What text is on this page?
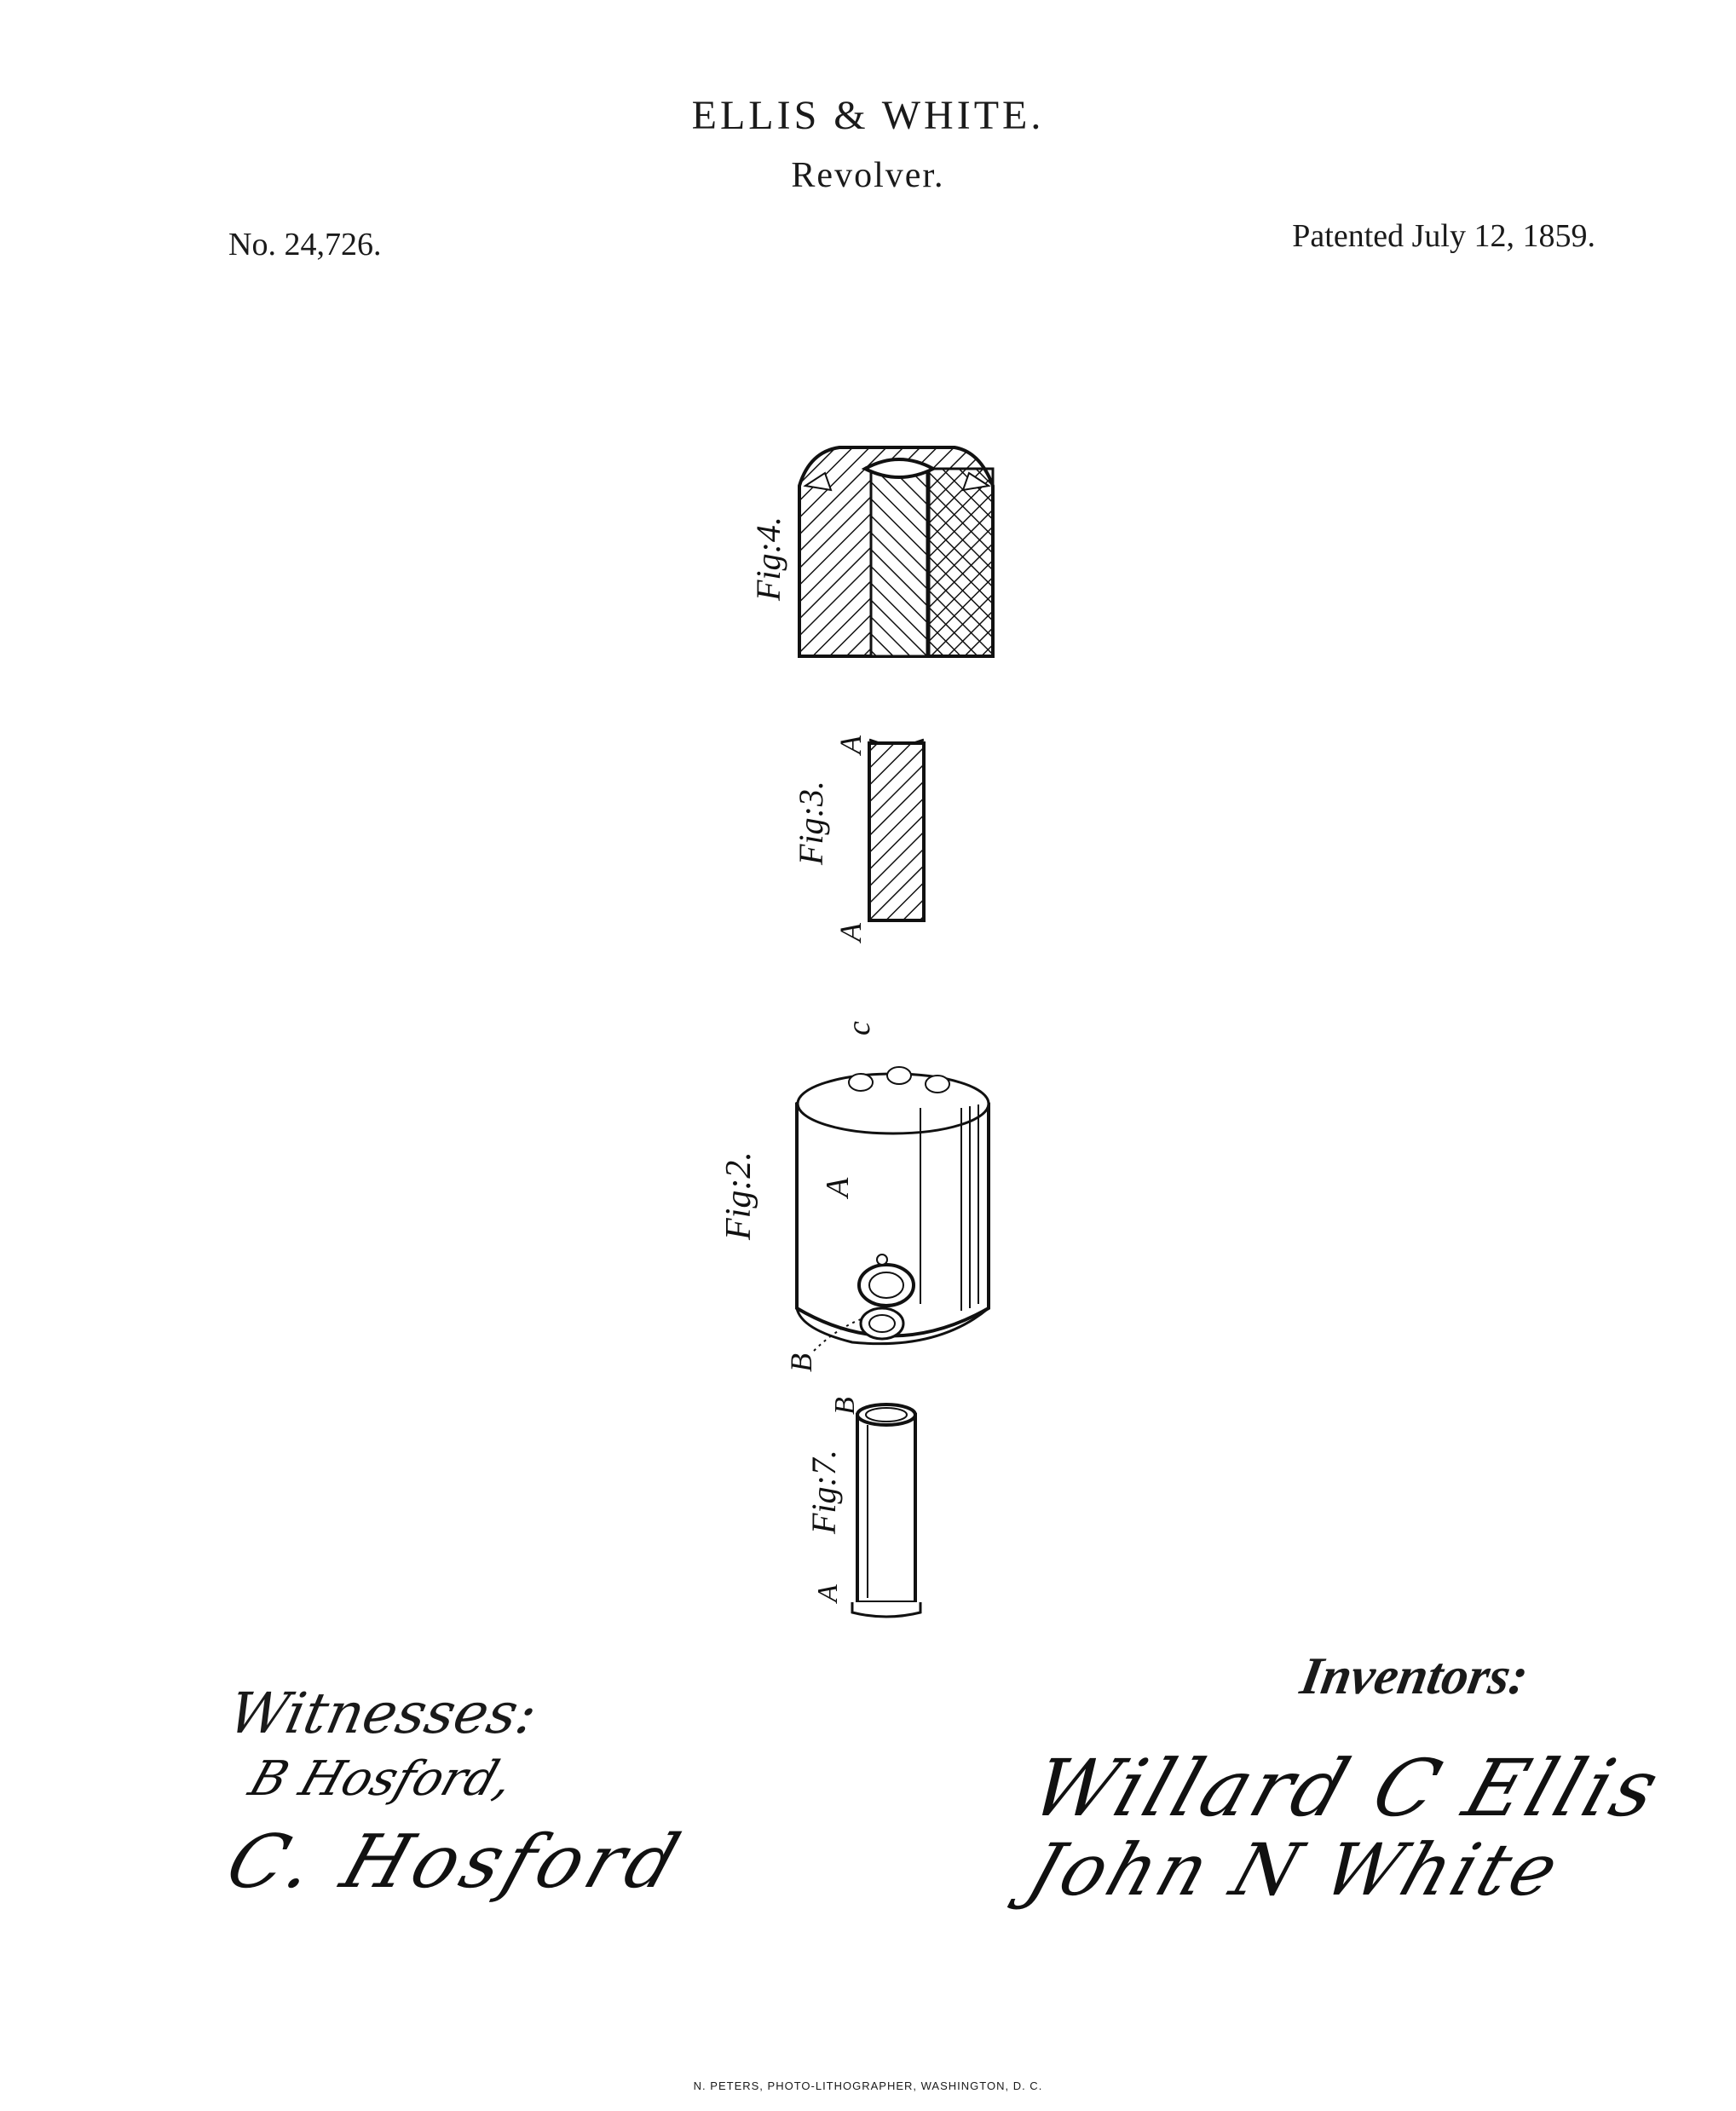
ELLIS & WHITE.
Revolver.
No. 24,726.	Patented July 12, 1859.
Fig:4.
Fig:3.
A
A
Fig:2. A
B
c
Fig:7.
B
A
Witnesses:
B Hosford,
C. Hosford
Inventors:
Willard C Ellis
John N White
N. PETERS, PHOTO-LITHOGRAPHER, WASHINGTON, D. C.
